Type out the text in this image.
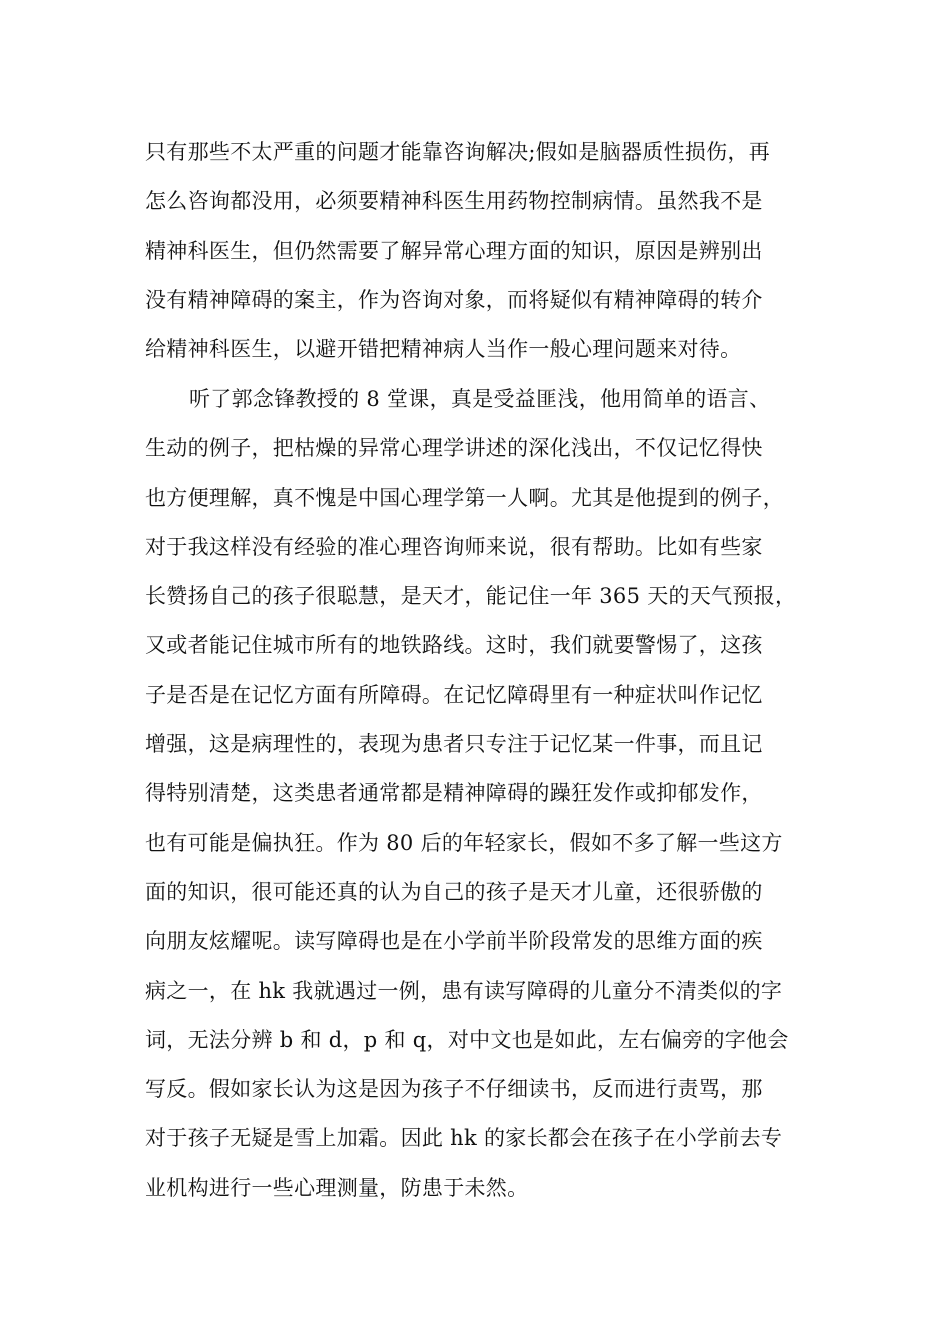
只有那些不太严重的问题才能靠咨询解决;假如是脑器质性损伤，再
怎么咨询都没用，必须要精神科医生用药物控制病情。虽然我不是
精神科医生，但仍然需要了解异常心理方面的知识，原因是辨别出
没有精神障碍的案主，作为咨询对象，而将疑似有精神障碍的转介
给精神科医生，以避开错把精神病人当作一般心理问题来对待。
听了郭念锋教授的 8 堂课，真是受益匪浅，他用简单的语言、
生动的例子，把枯燥的异常心理学讲述的深化浅出，不仅记忆得快
也方便理解，真不愧是中国心理学第一人啊。尤其是他提到的例子，
对于我这样没有经验的准心理咨询师来说，很有帮助。比如有些家
长赞扬自己的孩子很聪慧，是天才，能记住一年 365 天的天气预报，
又或者能记住城市所有的地铁路线。这时，我们就要警惕了，这孩
子是否是在记忆方面有所障碍。在记忆障碍里有一种症状叫作记忆
增强，这是病理性的，表现为患者只专注于记忆某一件事，而且记
得特别清楚，这类患者通常都是精神障碍的躁狂发作或抑郁发作，
也有可能是偏执狂。作为 80 后的年轻家长，假如不多了解一些这方
面的知识，很可能还真的认为自己的孩子是天才儿童，还很骄傲的
向朋友炫耀呢。读写障碍也是在小学前半阶段常发的思维方面的疾
病之一，在 hk 我就遇过一例，患有读写障碍的儿童分不清类似的字
词，无法分辨 b 和 d，p 和 q，对中文也是如此，左右偏旁的字他会
写反。假如家长认为这是因为孩子不仔细读书，反而进行责骂，那
对于孩子无疑是雪上加霜。因此 hk 的家长都会在孩子在小学前去专
业机构进行一些心理测量，防患于未然。
